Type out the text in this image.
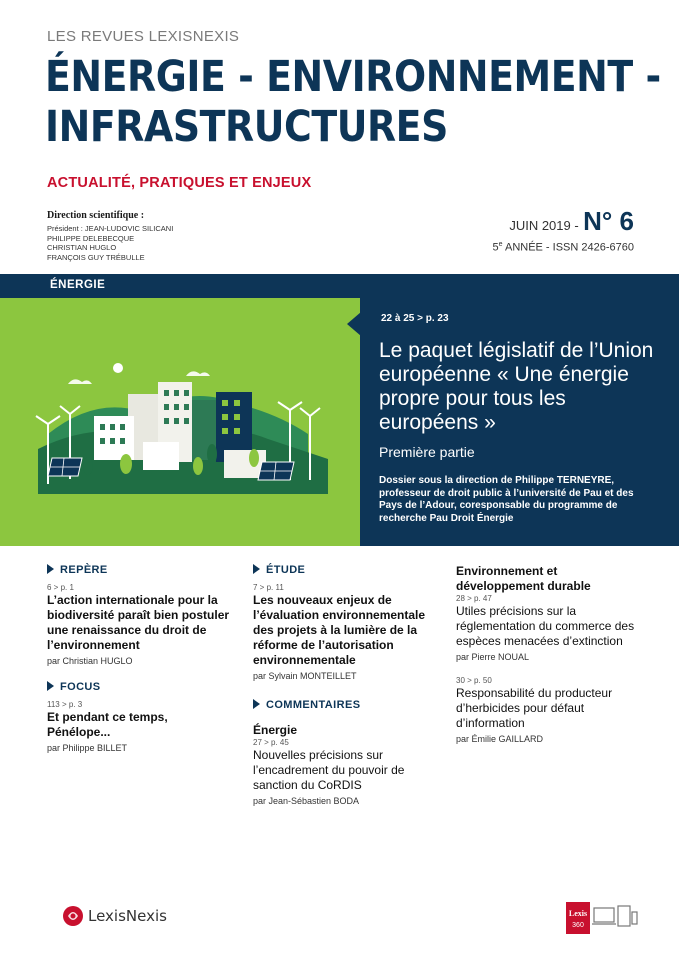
LES REVUES LEXISNEXIS
ÉNERGIE - ENVIRONNEMENT -
INFRASTRUCTURES
ACTUALITÉ, PRATIQUES ET ENJEUX
Direction scientifique :
Président : JEAN-LUDOVIC SILICANI
PHILIPPE DELEBECQUE
CHRISTIAN HUGLO
FRANÇOIS GUY TRÉBULLE
JUIN 2019 - N° 6
5e ANNÉE - ISSN 2426-6760
ÉNERGIE
22 à 25 > p. 23
Le paquet législatif de l’Union européenne « Une énergie propre pour tous les européens »
Première partie
Dossier sous la direction de Philippe TERNEYRE, professeur de droit public à l’université de Pau et des Pays de l’Adour, coresponsable du programme de recherche Pau Droit Énergie
REPÈRE
6 > p. 1
L’action internationale pour la biodiversité paraît bien postuler une renaissance du droit de l’environnement
par Christian HUGLO
FOCUS
113 > p. 3
Et pendant ce temps, Pénélope...
par Philippe BILLET
ÉTUDE
7 > p. 11
Les nouveaux enjeux de l’évaluation environnementale des projets à la lumière de la réforme de l’autorisation environnementale
par Sylvain MONTEILLET
COMMENTAIRES
Énergie
27 > p. 45
Nouvelles précisions sur l’encadrement du pouvoir de sanction du CoRDIS
par Jean-Sébastien BODA
Environnement et développement durable
28 > p. 47
Utiles précisions sur la réglementation du commerce des espèces menacées d’extinction
par Pierre NOUAL
30 > p. 50
Responsabilité du producteur d’herbicides pour défaut d’information
par Émilie GAILLARD
LexisNexis	Lexis
360
